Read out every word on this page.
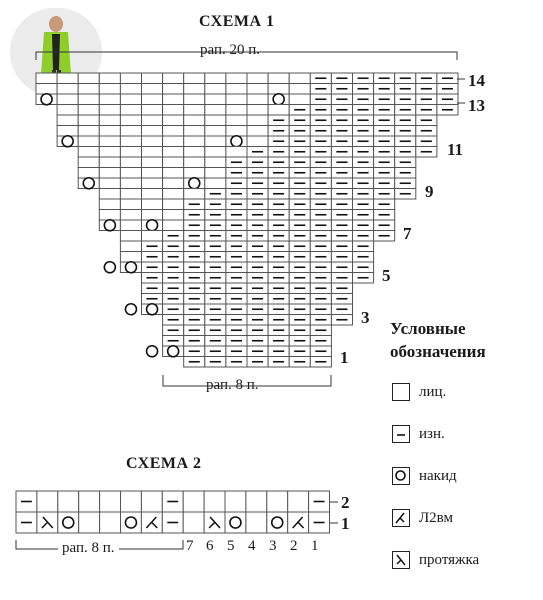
СХЕМА 1
рап. 20 п.
рап. 8 п.
14
13
11
9
7
5
3
1
Условные
обозначения
лиц.
изн.
накид
Л2вм
протяжка
СХЕМА 2
2
1
рап. 8 п.	7 6 5 4 3 2 1
